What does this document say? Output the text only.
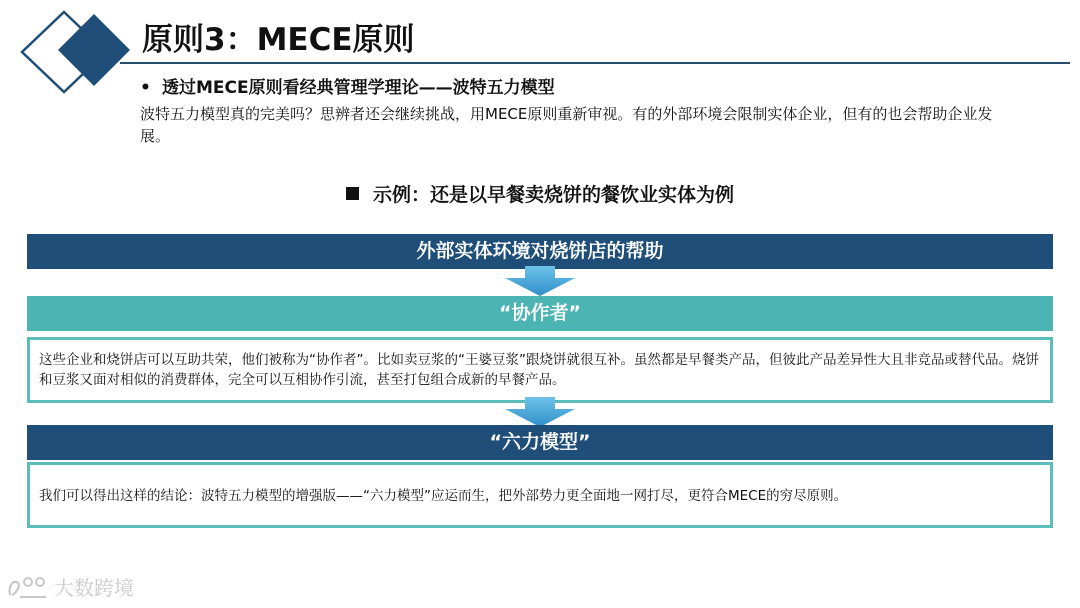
原则3：MECE原则
• 透过MECE原则看经典管理学理论——波特五力模型
波特五力模型真的完美吗？思辨者还会继续挑战，用MECE原则重新审视。有的外部环境会限制实体企业，但有的也会帮助企业发展。
示例：还是以早餐卖烧饼的餐饮业实体为例
外部实体环境对烧饼店的帮助
“协作者”
这些企业和烧饼店可以互助共荣，他们被称为“协作者”。比如卖豆浆的“王婆豆浆”跟烧饼就很互补。虽然都是早餐类产品，但彼此产品差异性大且非竞品或替代品。烧饼和豆浆又面对相似的消费群体，完全可以互相协作引流，甚至打包组合成新的早餐产品。
“六力模型”
我们可以得出这样的结论：波特五力模型的增强版——“六力模型”应运而生，把外部势力更全面地一网打尽，更符合MECE的穷尽原则。
大数跨境
